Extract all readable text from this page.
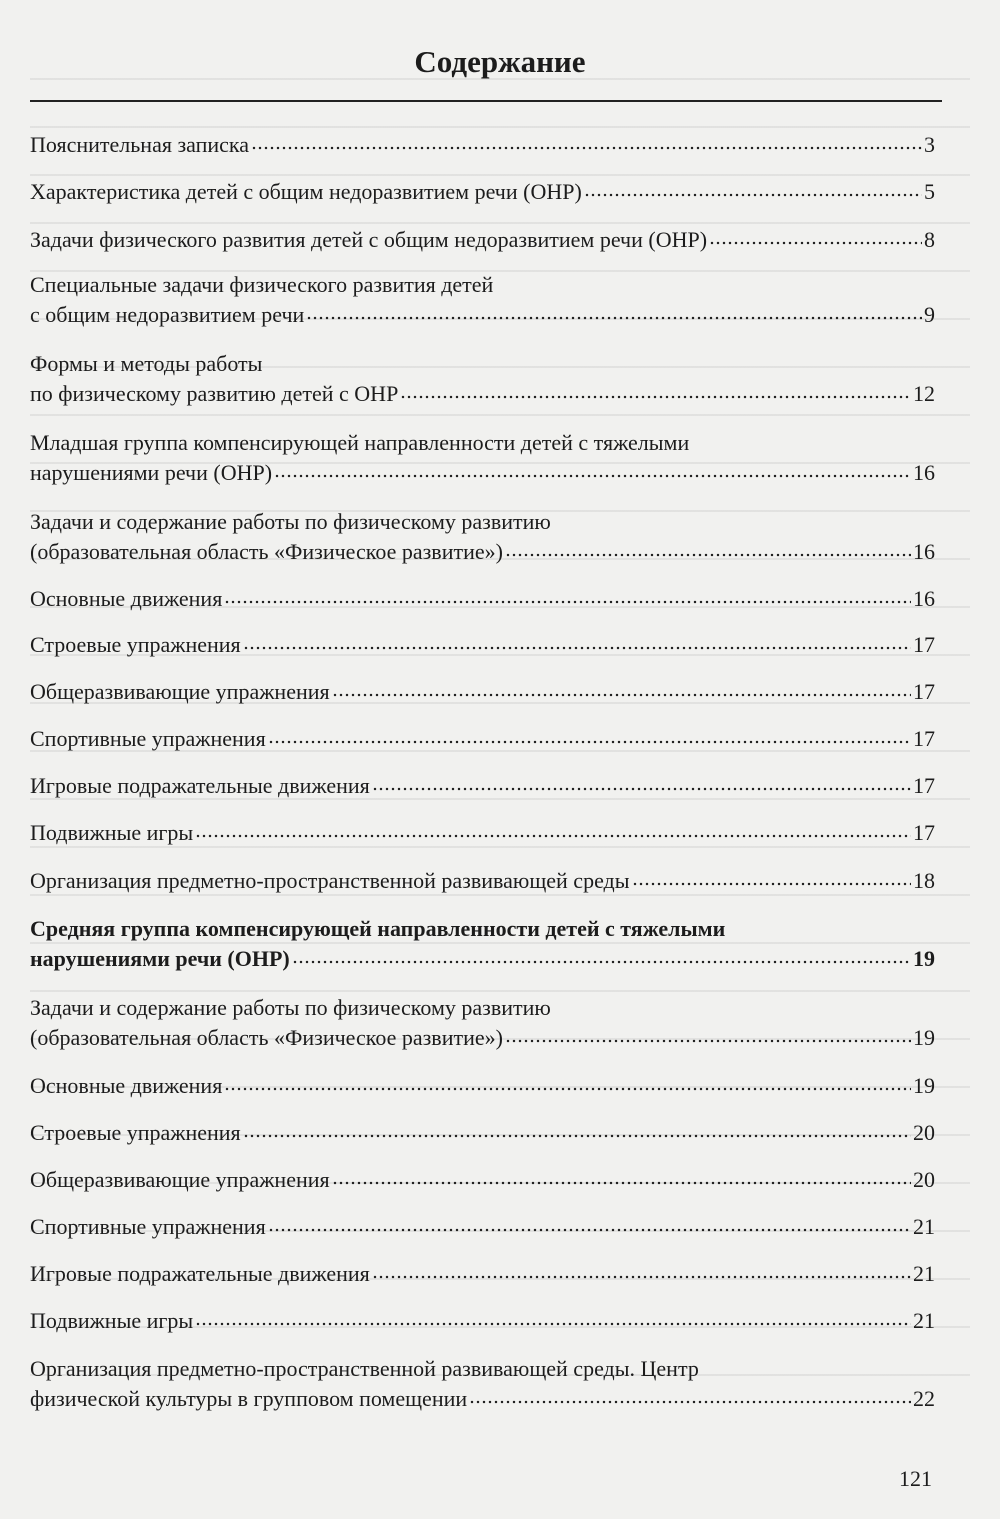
Содержание
Пояснительная записка	3
Характеристика детей с общим недоразвитием речи (ОНР)	5
Задачи физического развития детей с общим недоразвитием речи (ОНР)	8
Специальные задачи физического развития детей
с общим недоразвитием речи	9
Формы и методы работы
по физическому развитию детей с ОНР	12
Младшая группа компенсирующей направленности детей с тяжелыми
нарушениями речи (ОНР)	16
Задачи и содержание работы по физическому развитию
(образовательная область «Физическое развитие»)	16
Основные движения	16
Строевые упражнения	17
Общеразвивающие упражнения	17
Спортивные упражнения	17
Игровые подражательные движения	17
Подвижные игры	17
Организация предметно-пространственной развивающей среды	18
Средняя группа компенсирующей направленности детей с тяжелыми
нарушениями речи (ОНР)	19
Задачи и содержание работы по физическому развитию
(образовательная область «Физическое развитие»)	19
Основные движения	19
Строевые упражнения	20
Общеразвивающие упражнения	20
Спортивные упражнения	21
Игровые подражательные движения	21
Подвижные игры	21
Организация предметно-пространственной развивающей среды. Центр
физической культуры в групповом помещении	22
121
